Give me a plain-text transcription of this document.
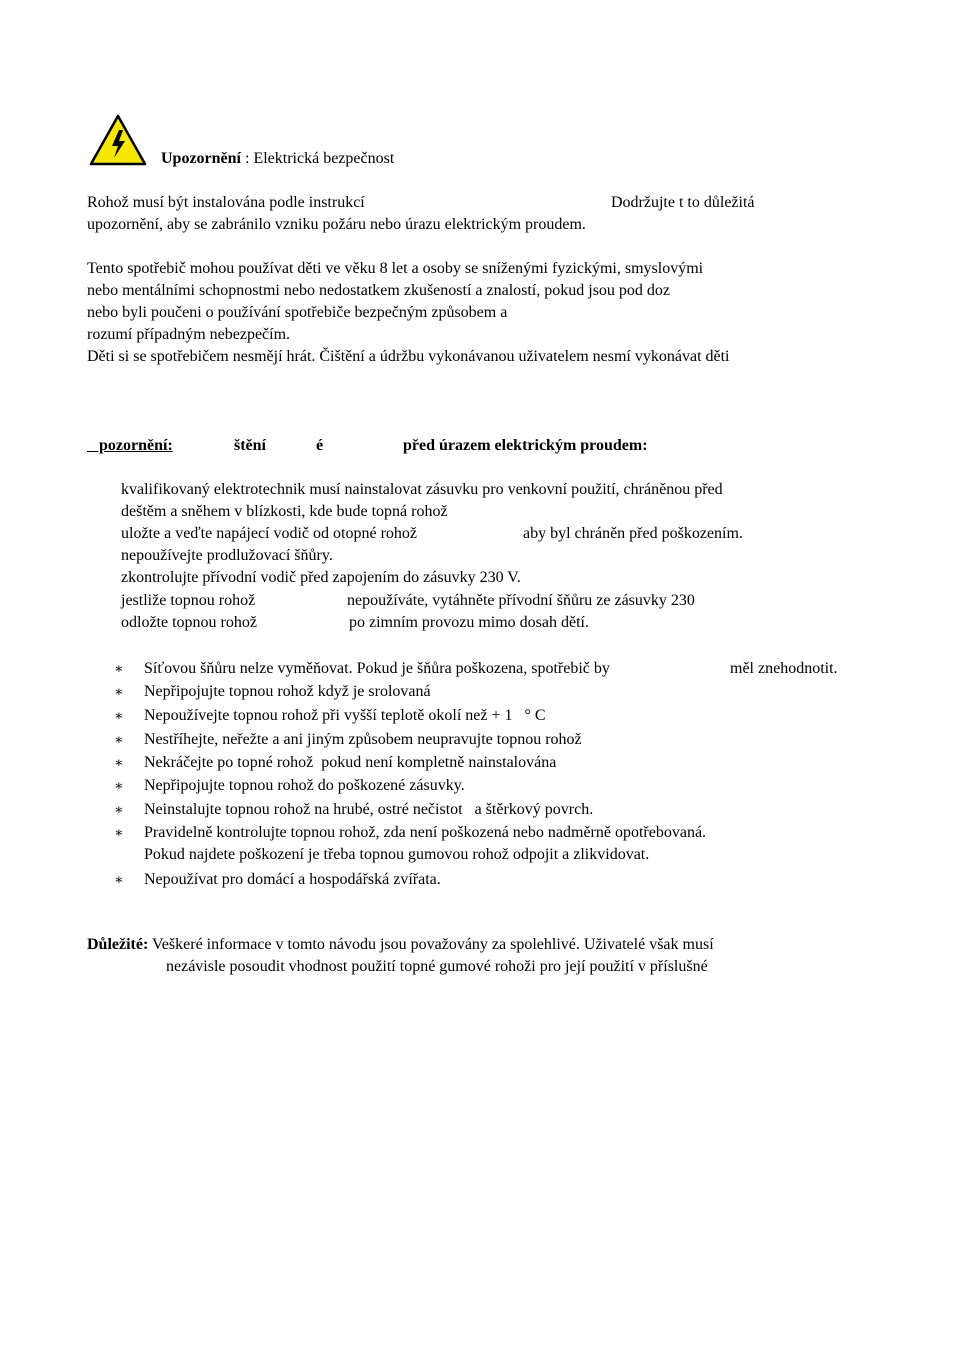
Upozornění : Elektrická bezpečnost
Rohož musí být instalována podle instrukcí	Dodržujte t to důležitá
upozornění, aby se zabránilo vzniku požáru nebo úrazu elektrickým proudem.
Tento spotřebič mohou používat děti ve věku 8 let a osoby se sníženými fyzickými, smyslovými
nebo mentálními schopnostmi nebo nedostatkem zkušeností a znalostí, pokud jsou pod doz
nebo byli poučeni o používání spotřebiče bezpečným způsobem a
rozumí případným nebezpečím.
Děti si se spotřebičem nesmějí hrát. Čištění a údržbu vykonávanou uživatelem nesmí vykonávat děti
pozornění:	štění	é	před úrazem elektrickým proudem:
kvalifikovaný elektrotechnik musí nainstalovat zásuvku pro venkovní použití, chráněnou před
deštěm a sněhem v blízkosti, kde bude topná rohož
uložte a veďte napájecí vodič od otopné rohož	aby byl chráněn před poškozením.
nepoužívejte prodlužovací šňůry.
zkontrolujte přívodní vodič před zapojením do zásuvky 230 V.
jestliže topnou rohož	nepoužíváte, vytáhněte přívodní šňůru ze zásuvky 230
odložte topnou rohož	po zimním provozu mimo dosah dětí.
∗ Síťovou šňůru nelze vyměňovat. Pokud je šňůra poškozena, spotřebič by	měl znehodnotit.
∗ Nepřipojujte topnou rohož když je srolovaná
∗ Nepoužívejte topnou rohož při vyšší teplotě okolí než + 1   ° C
∗ Nestříhejte, neřežte a ani jiným způsobem neupravujte topnou rohož
∗ Nekráčejte po topné rohož  pokud není kompletně nainstalována
∗ Nepřipojujte topnou rohož do poškozené zásuvky.
∗ Neinstalujte topnou rohož na hrubé, ostré nečistot   a štěrkový povrch.
∗ Pravidelně kontrolujte topnou rohož, zda není poškozená nebo nadměrně opotřebovaná.
Pokud najdete poškození je třeba topnou gumovou rohož odpojit a zlikvidovat.
∗ Nepoužívat pro domácí a hospodářská zvířata.
Důležité: Veškeré informace v tomto návodu jsou považovány za spolehlivé. Uživatelé však musí
nezávisle posoudit vhodnost použití topné gumové rohoži pro její použití v příslušné
